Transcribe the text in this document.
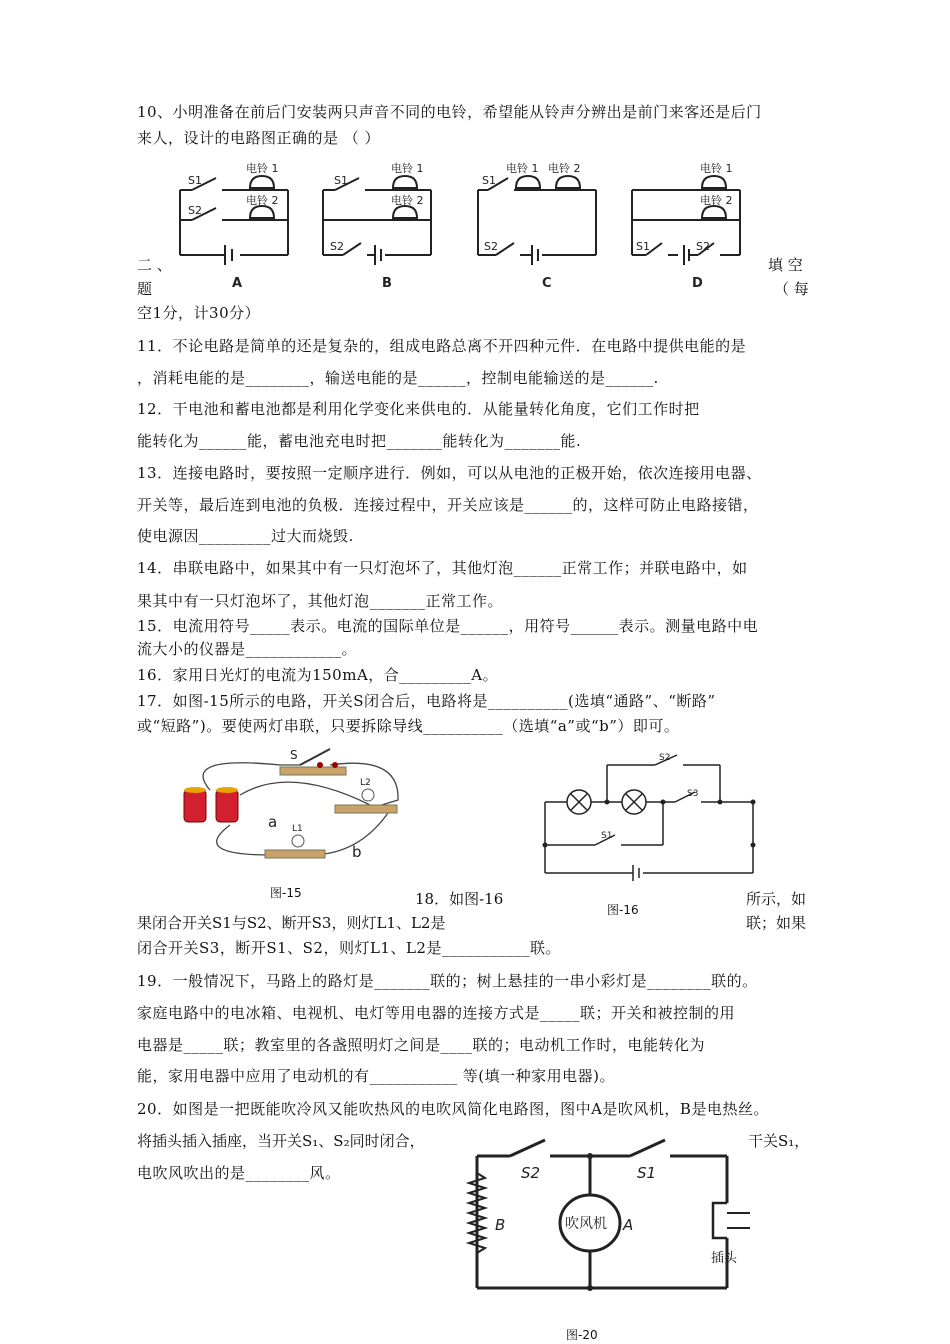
10、小明准备在前后门安装两只声音不同的电铃，希望能从铃声分辨出是前门来客还是后门
来人，设计的电路图正确的是 （ ）
S1
S2
电铃 1
电铃 2
S1
S2
电铃 1
电铃 2
S1
S2
电铃 1 电铃 2
S1	S2
电铃 1
电铃 2
A	B	C	D
二 、	填 空
题	（ 每
空1分，计30分）
11．不论电路是简单的还是复杂的，组成电路总离不开四种元件．在电路中提供电能的是
，消耗电能的是________，输送电能的是______，控制电能输送的是______.
12．干电池和蓄电池都是利用化学变化来供电的．从能量转化角度，它们工作时把
能转化为______能，蓄电池充电时把_______能转化为_______能.
13．连接电路时，要按照一定顺序进行．例如，可以从电池的正极开始，依次连接用电器、
开关等，最后连到电池的负极．连接过程中，开关应该是______的，这样可防止电路接错，
使电源因_________过大而烧毁.
14．串联电路中，如果其中有一只灯泡坏了，其他灯泡______正常工作；并联电路中，如
果其中有一只灯泡坏了，其他灯泡_______正常工作。
15．电流用符号_____表示。电流的国际单位是______，用符号______表示。测量电路中电
流大小的仪器是____________。
16．家用日光灯的电流为150mA，合_________A。
17．如图-15所示的电路，开关S闭合后，电路将是__________(选填“通路”、“断路”
或“短路”)。要使两灯串联，只要拆除导线__________（选填“a”或“b”）即可。
S
L2
L1
a
b
图-15
S2
S3
S1
图-16
18．如图-16	所示，如
果闭合开关S1与S2、断开S3，则灯L1、L2是	联；如果
闭合开关S3，断开S1、S2，则灯L1、L2是___________联。
19．一般情况下，马路上的路灯是_______联的；树上悬挂的一串小彩灯是________联的。
家庭电路中的电冰箱、电视机、电灯等用电器的连接方式是_____联；开关和被控制的用
电器是_____联；教室里的各盏照明灯之间是____联的；电动机工作时，电能转化为
能，家用电器中应用了电动机的有___________ 等(填一种家用电器)。
20．如图是一把既能吹冷风又能吹热风的电吹风简化电路图，图中A是吹风机，B是电热丝。
将插头插入插座，当开关S₁、S₂同时闭合，	干关S₁，
电吹风吹出的是________风。	S2	S1
B	吹风机 A
插头
图-20
